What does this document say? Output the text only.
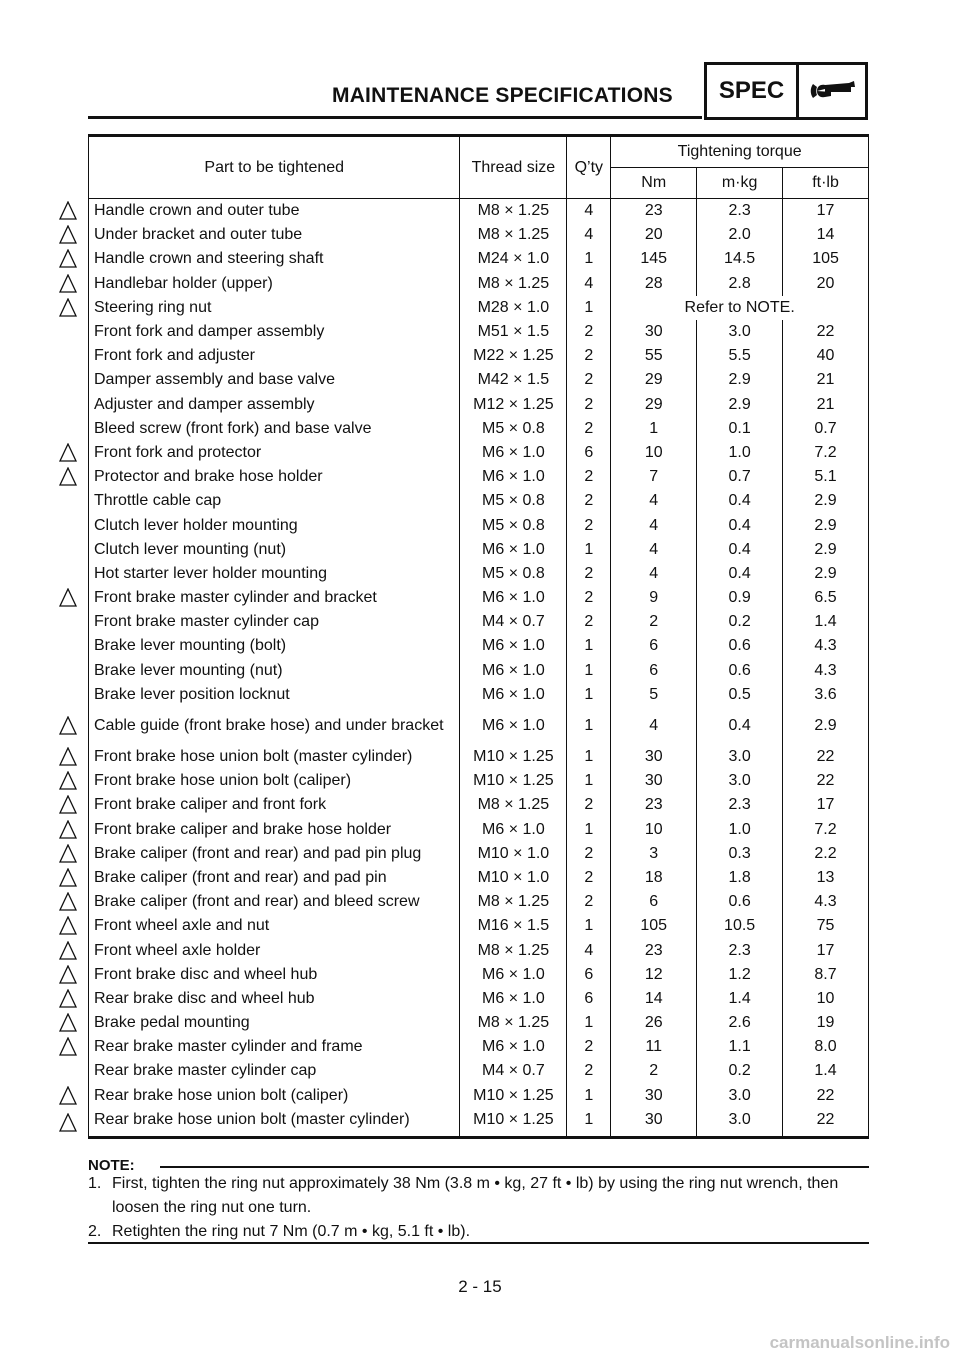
MAINTENANCE SPECIFICATIONS	SPEC
Part to be tightened	Thread size	Q’ty	Tightening torque		
			Nm	m·kg	ft·lb
Handle crown and outer tube	M8 × 1.25	4	23	2.3	17
Under bracket and outer tube	M8 × 1.25	4	20	2.0	14
Handle crown and steering shaft	M24 × 1.0	1	145	14.5	105
Handlebar holder (upper)	M8 × 1.25	4	28	2.8	20
Steering ring nut	M28 × 1.0	1	Refer to NOTE.		
Front fork and damper assembly	M51 × 1.5	2	30	3.0	22
Front fork and adjuster	M22 × 1.25	2	55	5.5	40
Damper assembly and base valve	M42 × 1.5	2	29	2.9	21
Adjuster and damper assembly	M12 × 1.25	2	29	2.9	21
Bleed screw (front fork) and base valve	M5 × 0.8	2	1	0.1	0.7
Front fork and protector	M6 × 1.0	6	10	1.0	7.2
Protector and brake hose holder	M6 × 1.0	2	7	0.7	5.1
Throttle cable cap	M5 × 0.8	2	4	0.4	2.9
Clutch lever holder mounting	M5 × 0.8	2	4	0.4	2.9
Clutch lever mounting (nut)	M6 × 1.0	1	4	0.4	2.9
Hot starter lever holder mounting	M5 × 0.8	2	4	0.4	2.9
Front brake master cylinder and bracket	M6 × 1.0	2	9	0.9	6.5
Front brake master cylinder cap	M4 × 0.7	2	2	0.2	1.4
Brake lever mounting (bolt)	M6 × 1.0	1	6	0.6	4.3
Brake lever mounting (nut)	M6 × 1.0	1	6	0.6	4.3
Brake lever position locknut	M6 × 1.0	1	5	0.5	3.6
Cable guide (front brake hose) and under bracket	M6 × 1.0	1	4	0.4	2.9
Front brake hose union bolt (master cylinder)	M10 × 1.25	1	30	3.0	22
Front brake hose union bolt (caliper)	M10 × 1.25	1	30	3.0	22
Front brake caliper and front fork	M8 × 1.25	2	23	2.3	17
Front brake caliper and brake hose holder	M6 × 1.0	1	10	1.0	7.2
Brake caliper (front and rear) and pad pin plug	M10 × 1.0	2	3	0.3	2.2
Brake caliper (front and rear) and pad pin	M10 × 1.0	2	18	1.8	13
Brake caliper (front and rear) and bleed screw	M8 × 1.25	2	6	0.6	4.3
Front wheel axle and nut	M16 × 1.5	1	105	10.5	75
Front wheel axle holder	M8 × 1.25	4	23	2.3	17
Front brake disc and wheel hub	M6 × 1.0	6	12	1.2	8.7
Rear brake disc and wheel hub	M6 × 1.0	6	14	1.4	10
Brake pedal mounting	M8 × 1.25	1	26	2.6	19
Rear brake master cylinder and frame	M6 × 1.0	2	11	1.1	8.0
Rear brake master cylinder cap	M4 × 0.7	2	2	0.2	1.4
Rear brake hose union bolt (caliper)	M10 × 1.25	1	30	3.0	22
Rear brake hose union bolt (master cylinder)	M10 × 1.25	1	30	3.0	22
NOTE:
1. First, tighten the ring nut approximately 38 Nm (3.8 m • kg, 27 ft • lb) by using the ring nut wrench, then loosen the ring nut one turn.
2. Retighten the ring nut 7 Nm (0.7 m • kg, 5.1 ft • lb).
2 - 15
carmanualsonline.info
